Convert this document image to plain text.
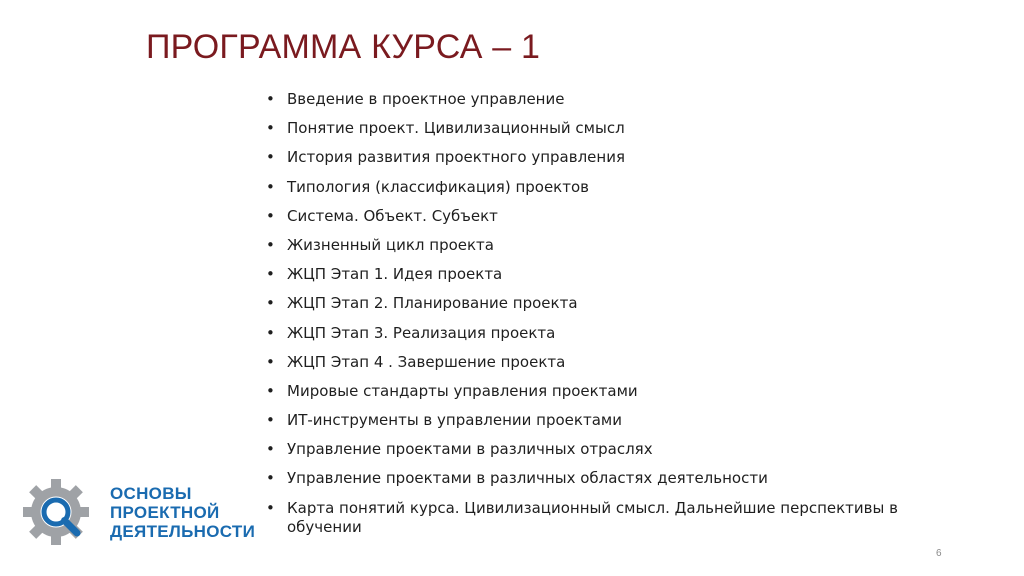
ПРОГРАММА КУРСА – 1
• Введение в проектное управление
• Понятие проект. Цивилизационный смысл
• История развития проектного управления
• Типология (классификация) проектов
• Система. Объект. Субъект
• Жизненный цикл проекта
• ЖЦП Этап 1. Идея проекта
• ЖЦП Этап 2. Планирование проекта
• ЖЦП Этап 3. Реализация проекта
• ЖЦП Этап 4 . Завершение проекта
• Мировые стандарты управления проектами
• ИТ-инструменты в управлении проектами
• Управление проектами в различных отраслях
• Управление проектами в различных областях деятельности
• Карта понятий курса. Цивилизационный смысл. Дальнейшие перспективы в обучении
ОСНОВЫ
ПРОЕКТНОЙ
ДЕЯТЕЛЬНОСТИ
6
